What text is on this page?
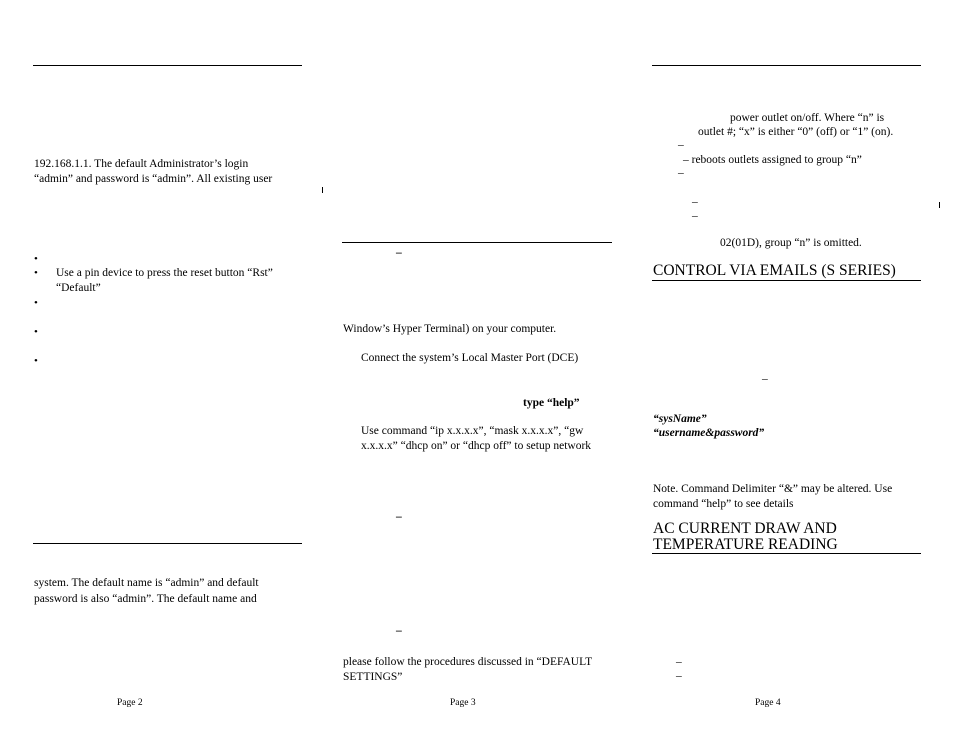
192.168.1.1. The default Administrator’s login
“admin” and password is “admin”. All existing user
•
• Use a pin device to press the reset button “Rst”
“Default”
•
•
•
system. The default name is “admin” and default
password is also “admin”. The default name and
Page 2
–
Window’s Hyper Terminal) on your computer.
Connect the system’s Local Master Port (DCE)
type “help”
Use command “ip x.x.x.x”, “mask x.x.x.x”, “gw
x.x.x.x” “dhcp on” or “dhcp off” to setup network
–
–
please follow the procedures discussed in “DEFAULT
SETTINGS”
Page 3
power outlet on/off. Where “n” is
outlet #; “x” is either “0” (off) or “1” (on).
–
– reboots outlets assigned to group “n”
–
–
–
02(01D), group “n” is omitted.
CONTROL VIA EMAILS (S SERIES)
–
“sysName”
“username&password”
Note. Command Delimiter “&” may be altered. Use
command “help” to see details
AC CURRENT DRAW AND
TEMPERATURE READING
–
–
Page 4
